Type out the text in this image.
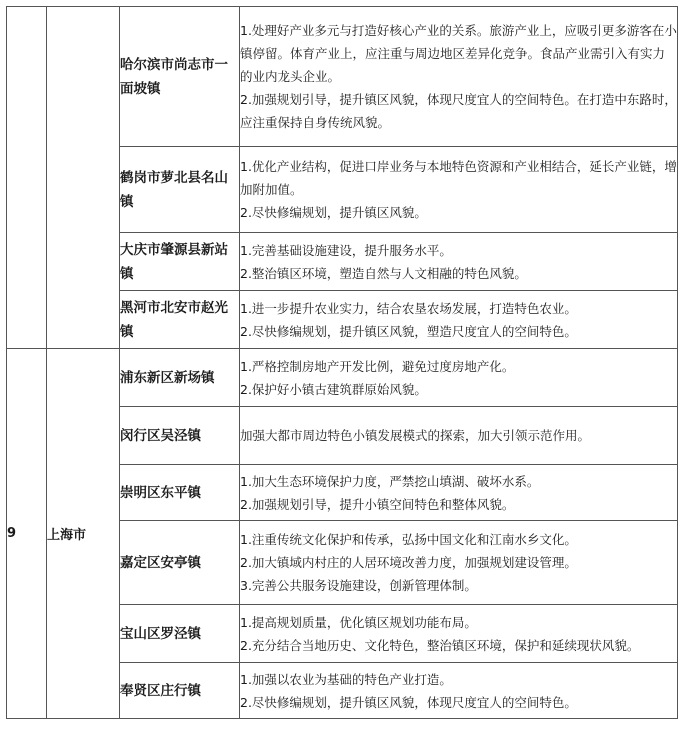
		哈尔滨市尚志市一面坡镇	1.处理好产业多元与打造好核心产业的关系。旅游产业上，应吸引更多游客在小镇停留。体育产业上，应注重与周边地区差异化竞争。食品产业需引入有实力的业内龙头企业。

2.加强规划引导，提升镇区风貌，体现尺度宜人的空间特色。在打造中东路时，应注重保持自身传统风貌。

		鹤岗市萝北县名山镇	1.优化产业结构，促进口岸业务与本地特色资源和产业相结合，延长产业链，增加附加值。

2.尽快修编规划，提升镇区风貌。

		大庆市肇源县新站镇	1.完善基础设施建设，提升服务水平。

2.整治镇区环境，塑造自然与人文相融的特色风貌。

		黑河市北安市赵光镇	1.进一步提升农业实力，结合农垦农场发展，打造特色农业。

2.尽快修编规划，提升镇区风貌，塑造尺度宜人的空间特色。

9	上海市	浦东新区新场镇	1.严格控制房地产开发比例，避免过度房地产化。

2.保护好小镇古建筑群原始风貌。

		闵行区吴泾镇	加强大都市周边特色小镇发展模式的探索，加大引领示范作用。

		崇明区东平镇	1.加大生态环境保护力度，严禁挖山填湖、破坏水系。

2.加强规划引导，提升小镇空间特色和整体风貌。

		嘉定区安亭镇	1.注重传统文化保护和传承，弘扬中国文化和江南水乡文化。

2.加大镇域内村庄的人居环境改善力度，加强规划建设管理。

3.完善公共服务设施建设，创新管理体制。

		宝山区罗泾镇	1.提高规划质量，优化镇区规划功能布局。

2.充分结合当地历史、文化特色，整治镇区环境，保护和延续现状风貌。

		奉贤区庄行镇	1.加强以农业为基础的特色产业打造。

2.尽快修编规划，提升镇区风貌，体现尺度宜人的空间特色。
